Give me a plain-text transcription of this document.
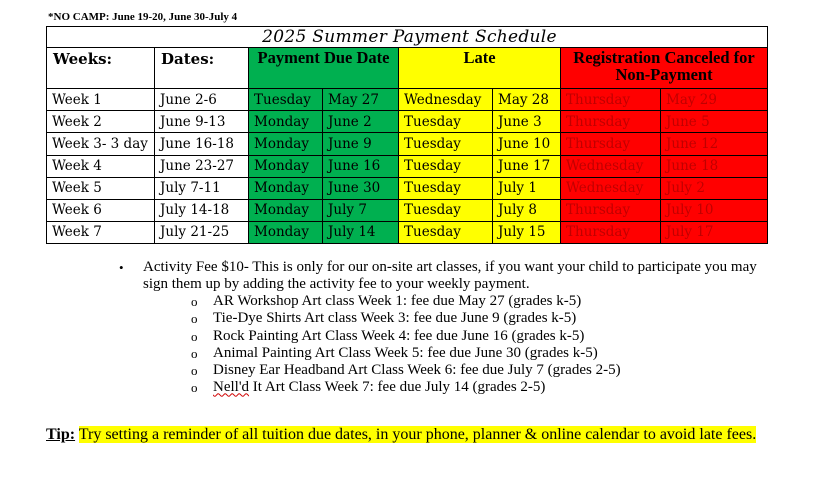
*NO CAMP: June 19-20, June 30-July 4
2025 Summer Payment Schedule							
Weeks:	Dates:	Payment Due Date		Late		Registration Canceled for Non-Payment	
Week 1	June 2-6	Tuesday	May 27	Wednesday	May 28	Thursday	May 29
Week 2	June 9-13	Monday	June 2	Tuesday	June 3	Thursday	June 5
Week 3- 3 day	June 16-18	Monday	June 9	Tuesday	June 10	Thursday	June 12
Week 4	June 23-27	Monday	June 16	Tuesday	June 17	Wednesday	June 18
Week 5	July 7-11	Monday	June 30	Tuesday	July 1	Wednesday	July 2
Week 6	July 14-18	Monday	July 7	Tuesday	July 8	Thursday	July 10
Week 7	July 21-25	Monday	July 14	Tuesday	July 15	Thursday	July 17
• Activity Fee $10- This is only for our on-site art classes, if you want your child to participate you may sign them up by adding the activity fee to your weekly payment.
o AR Workshop Art class Week 1: fee due May 27 (grades k-5)
o Tie-Dye Shirts Art class Week 3: fee due June 9 (grades k-5)
o Rock Painting Art Class Week 4: fee due June 16 (grades k-5)
o Animal Painting Art Class Week 5: fee due June 30 (grades k-5)
o Disney Ear Headband Art Class Week 6: fee due July 7 (grades 2-5)
o Nell'd It Art Class Week 7: fee due July 14 (grades 2-5)
Tip: Try setting a reminder of all tuition due dates, in your phone, planner & online calendar to avoid late fees.
